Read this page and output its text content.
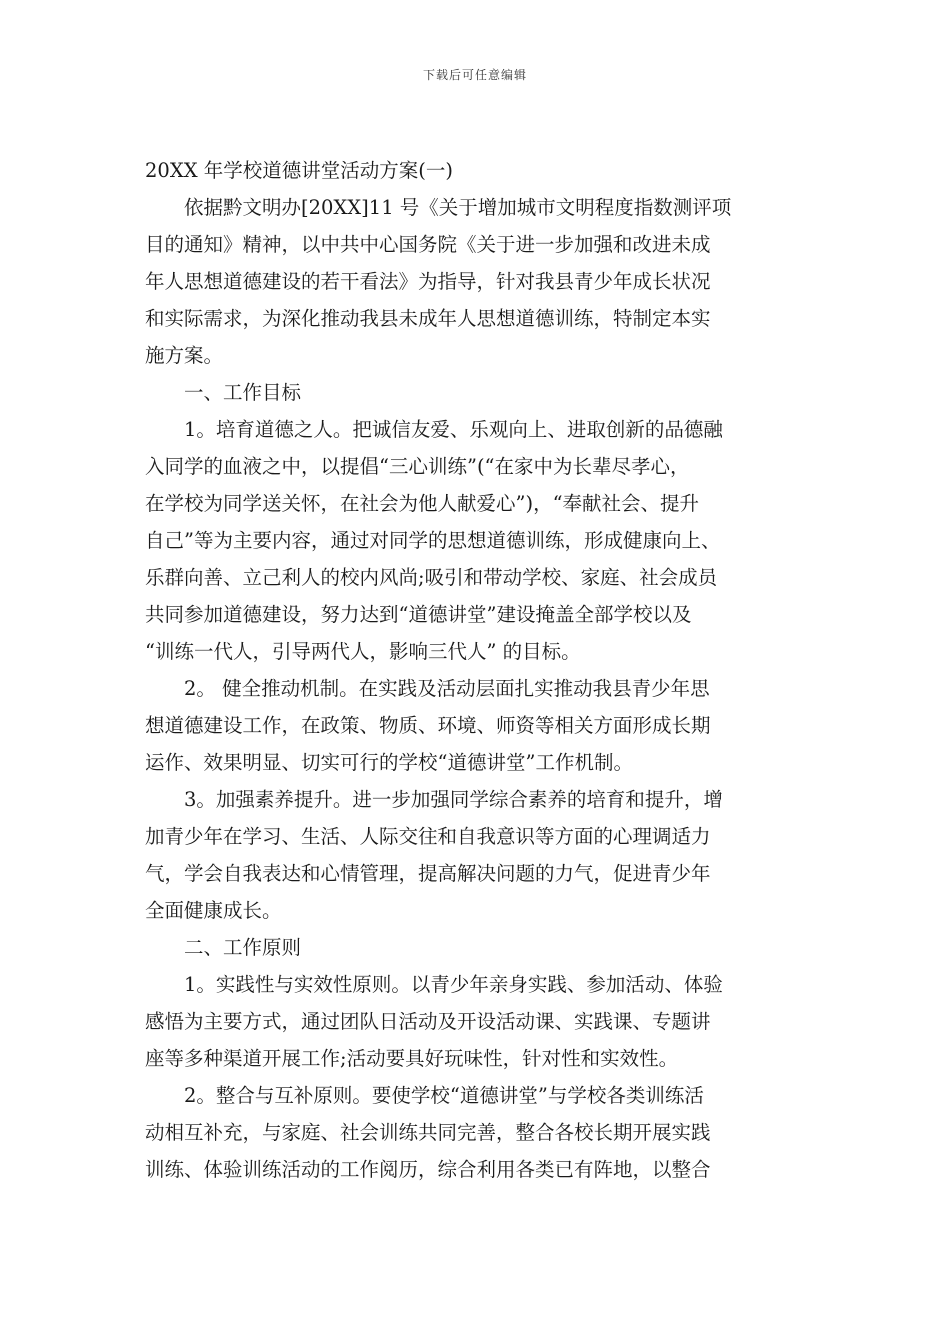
下载后可任意编辑
20XX 年学校道德讲堂活动方案(一)

依据黔文明办[20XX]11 号《关于增加城市文明程度指数测评项
目的通知》精神，以中共中心国务院《关于进一步加强和改进未成
年人思想道德建设的若干看法》为指导，针对我县青少年成长状况
和实际需求，为深化推动我县未成年人思想道德训练，特制定本实
施方案。

一、工作目标

1。培育道德之人。把诚信友爱、乐观向上、进取创新的品德融
入同学的血液之中，以提倡“三心训练”(“在家中为长辈尽孝心，
在学校为同学送关怀，在社会为他人献爱心”)，“奉献社会、提升
自己”等为主要内容，通过对同学的思想道德训练，形成健康向上、
乐群向善、立己利人的校内风尚;吸引和带动学校、家庭、社会成员
共同参加道德建设，努力达到“道德讲堂”建设掩盖全部学校以及
“训练一代人，引导两代人，影响三代人” 的目标。

2。 健全推动机制。在实践及活动层面扎实推动我县青少年思
想道德建设工作，在政策、物质、环境、师资等相关方面形成长期
运作、效果明显、切实可行的学校“道德讲堂”工作机制。

3。加强素养提升。进一步加强同学综合素养的培育和提升，增
加青少年在学习、生活、人际交往和自我意识等方面的心理调适力
气，学会自我表达和心情管理，提高解决问题的力气，促进青少年
全面健康成长。

二、工作原则

1。实践性与实效性原则。以青少年亲身实践、参加活动、体验
感悟为主要方式，通过团队日活动及开设活动课、实践课、专题讲
座等多种渠道开展工作;活动要具好玩味性，针对性和实效性。

2。整合与互补原则。要使学校“道德讲堂”与学校各类训练活
动相互补充，与家庭、社会训练共同完善，整合各校长期开展实践
训练、体验训练活动的工作阅历，综合利用各类已有阵地，以整合
